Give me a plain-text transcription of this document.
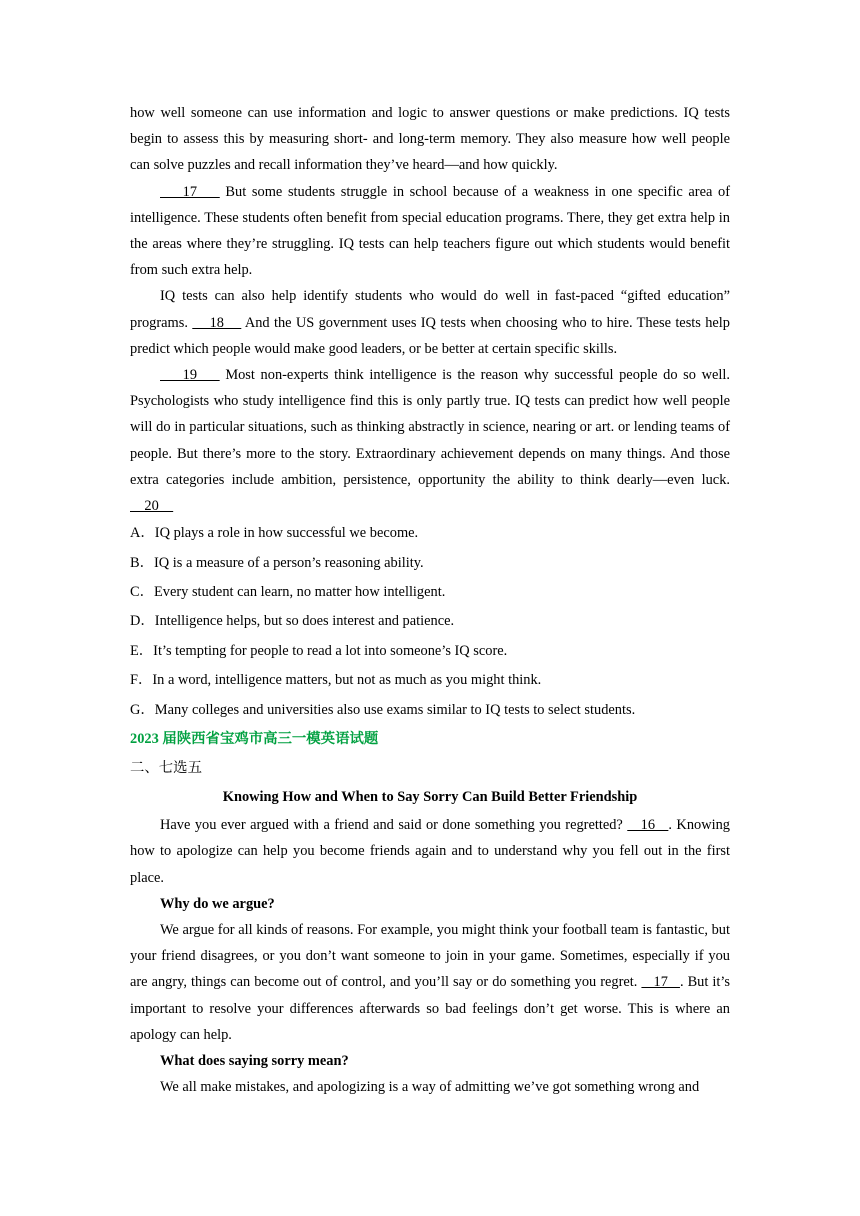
how well someone can use information and logic to answer questions or make predictions. IQ tests begin to assess this by measuring short- and long-term memory. They also measure how well people can solve puzzles and recall information they’ve heard—and how quickly.

17     But some students struggle in school because of a weakness in one specific area of intelligence. These students often benefit from special education programs. There, they get extra help in the areas where they’re struggling. IQ tests can help teachers figure out which students would benefit from such extra help.

IQ tests can also help identify students who would do well in fast-paced “gifted education” programs.     18     And the US government uses IQ tests when choosing who to hire. These tests help predict which people would make good leaders, or be better at certain specific skills.

19     Most non-experts think intelligence is the reason why successful people do so well. Psychologists who study intelligence find this is only partly true. IQ tests can predict how well people will do in particular situations, such as thinking abstractly in science, nearing or art. or lending teams of people. But there’s more to the story. Extraordinary achievement depends on many things. And those extra categories include ambition, persistence, opportunity the ability to think dearly—even luck.     20

A．IQ plays a role in how successful we become.

B．IQ is a measure of a person’s reasoning ability.

C．Every student can learn, no matter how intelligent.

D．Intelligence helps, but so does interest and patience.

E．It’s tempting for people to read a lot into someone’s IQ score.

F．In a word, intelligence matters, but not as much as you might think.

G．Many colleges and universities also use exams similar to IQ tests to select students.

2023 届陕西省宝鸡市高三一模英语试题

二、七选五

Knowing How and When to Say Sorry Can Build Better Friendship

Have you ever argued with a friend and said or done something you regretted?    16   . Knowing how to apologize can help you become friends again and to understand why you fell out in the first place.

Why do we argue?

We argue for all kinds of reasons. For example, you might think your football team is fantastic, but your friend disagrees, or you don’t want someone to join in your game. Sometimes, especially if you are angry, things can become out of control, and you’ll say or do something you regret.    17   . But it’s important to resolve your differences afterwards so bad feelings don’t get worse. This is where an apology can help.

What does saying sorry mean?

We all make mistakes, and apologizing is a way of admitting we’ve got something wrong and
